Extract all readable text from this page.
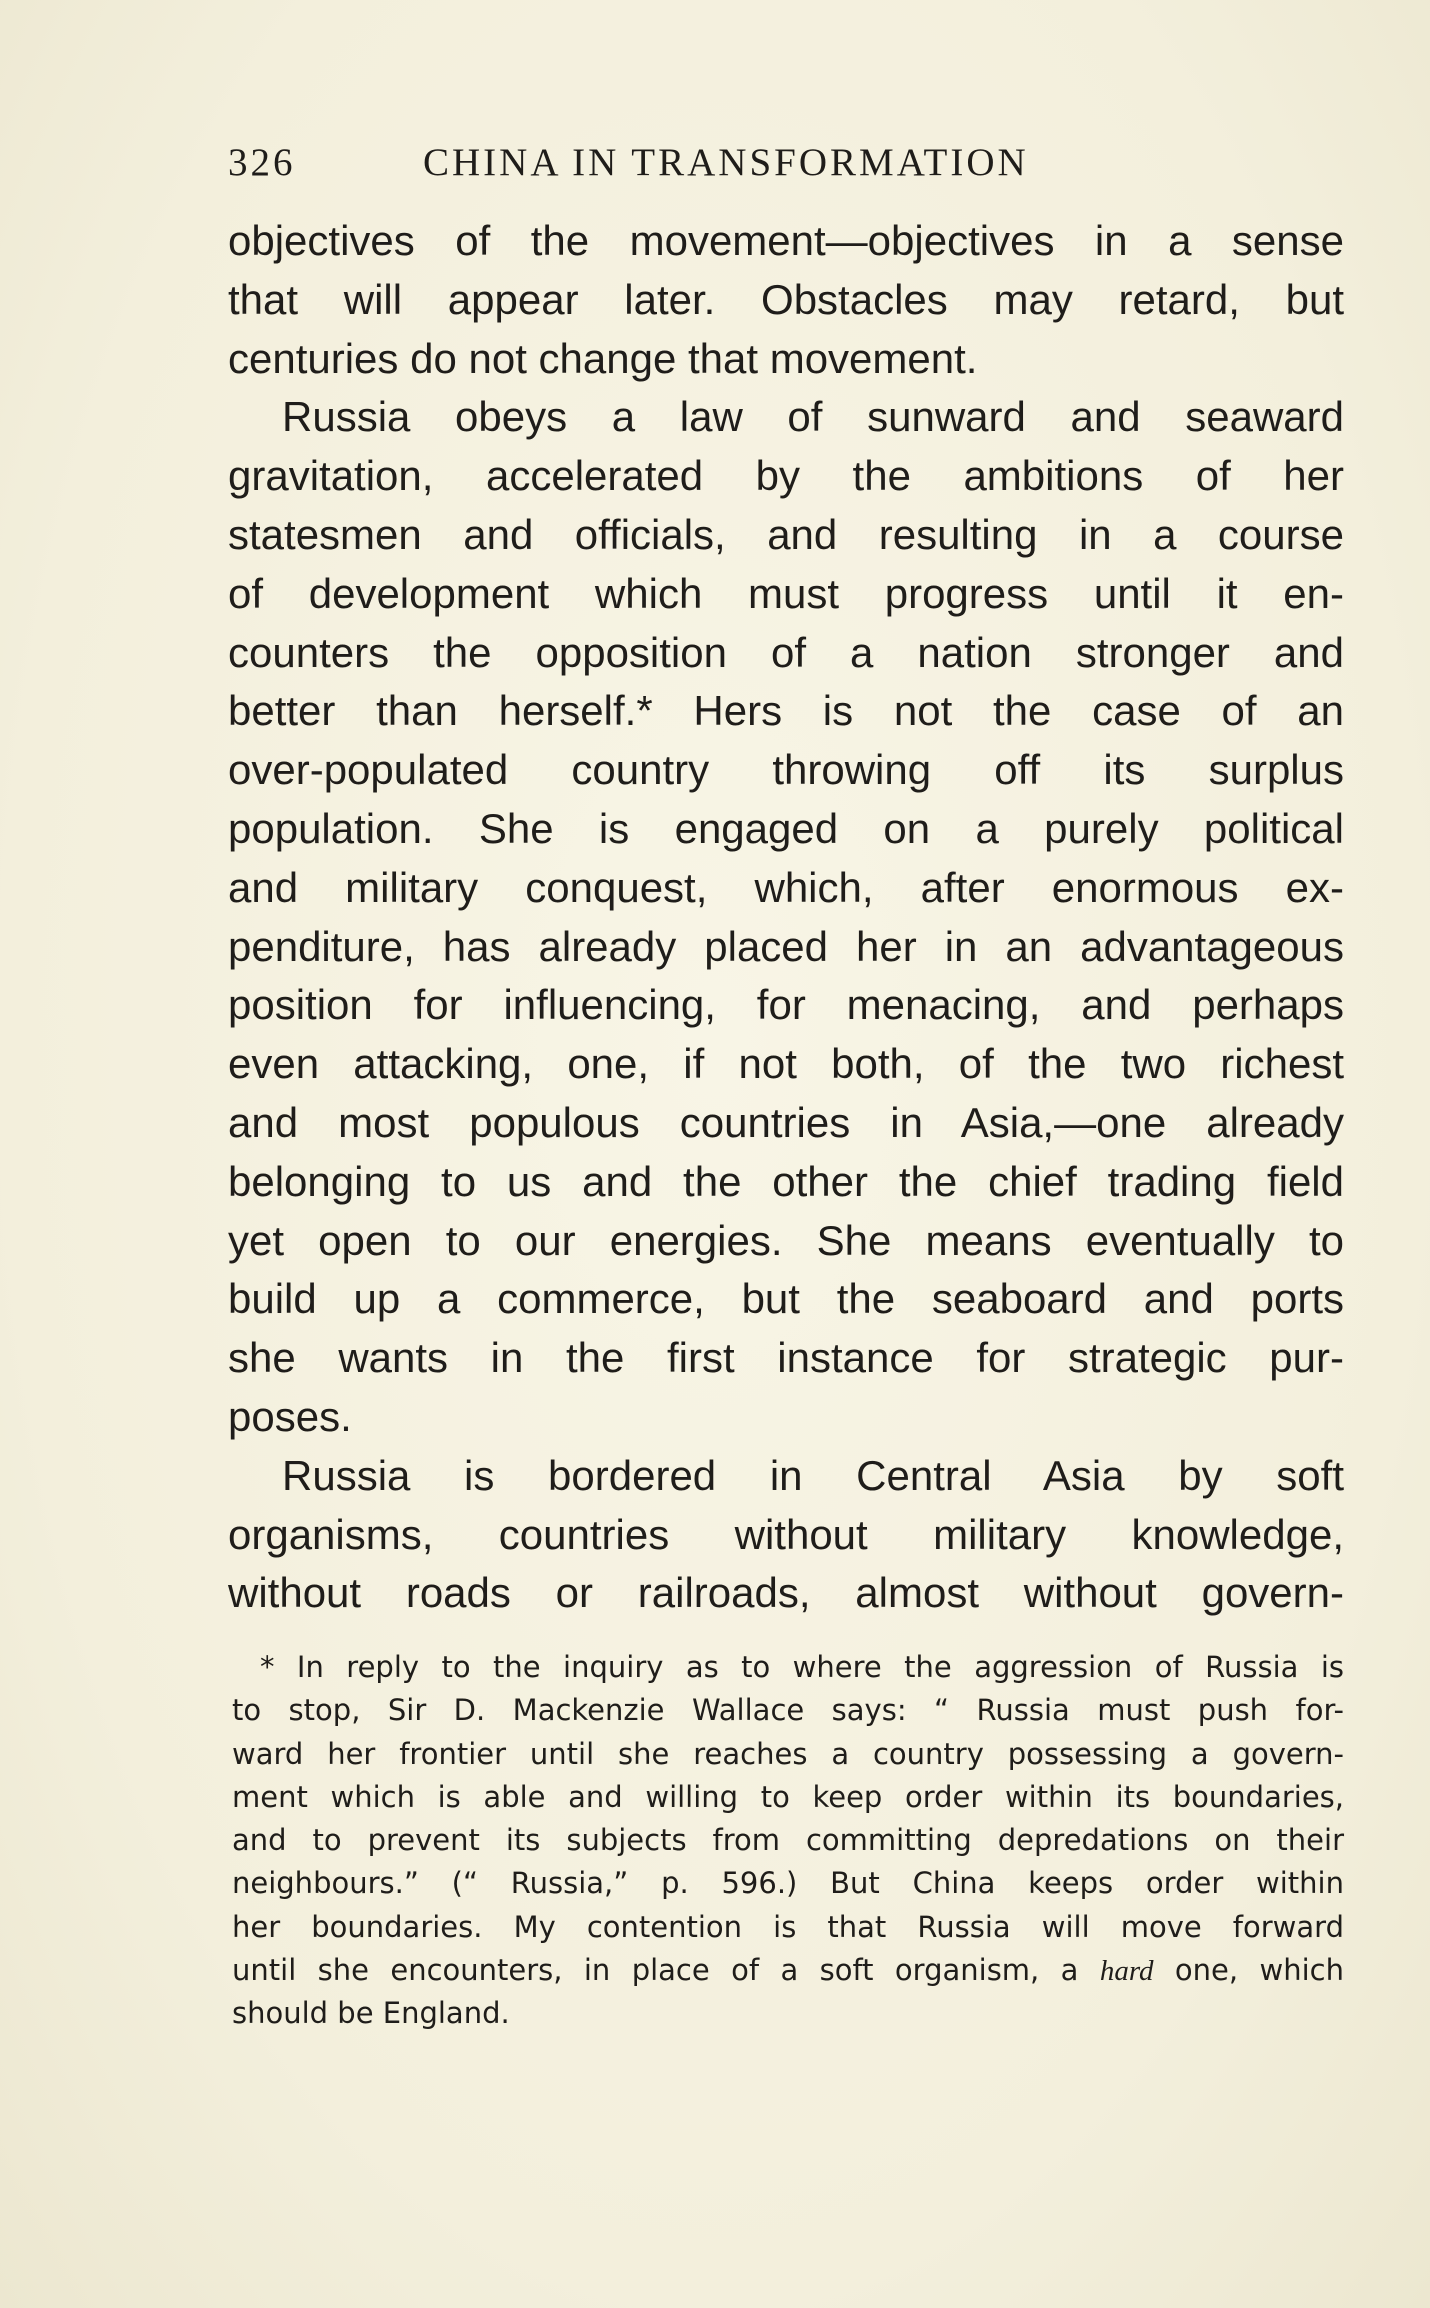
326	CHINA IN TRANSFORMATION
objectives of the movement—objectives in a sense
that will appear later. Obstacles may retard, but
centuries do not change that movement.
Russia obeys a law of sunward and seaward
gravitation, accelerated by the ambitions of her
statesmen and officials, and resulting in a course
of development which must progress until it en-
counters the opposition of a nation stronger and
better than herself.* Hers is not the case of an
over-populated country throwing off its surplus
population. She is engaged on a purely political
and military conquest, which, after enormous ex-
penditure, has already placed her in an advantageous
position for influencing, for menacing, and perhaps
even attacking, one, if not both, of the two richest
and most populous countries in Asia,—one already
belonging to us and the other the chief trading field
yet open to our energies. She means eventually to
build up a commerce, but the seaboard and ports
she wants in the first instance for strategic pur-
poses.
Russia is bordered in Central Asia by soft
organisms, countries without military knowledge,
without roads or railroads, almost without govern-
* In reply to the inquiry as to where the aggression of Russia is
to stop, Sir D. Mackenzie Wallace says: “ Russia must push for-
ward her frontier until she reaches a country possessing a govern-
ment which is able and willing to keep order within its boundaries,
and to prevent its subjects from committing depredations on their
neighbours.” (“ Russia,” p. 596.) But China keeps order within
her boundaries. My contention is that Russia will move forward
until she encounters, in place of a soft organism, a hard one, which
should be England.
